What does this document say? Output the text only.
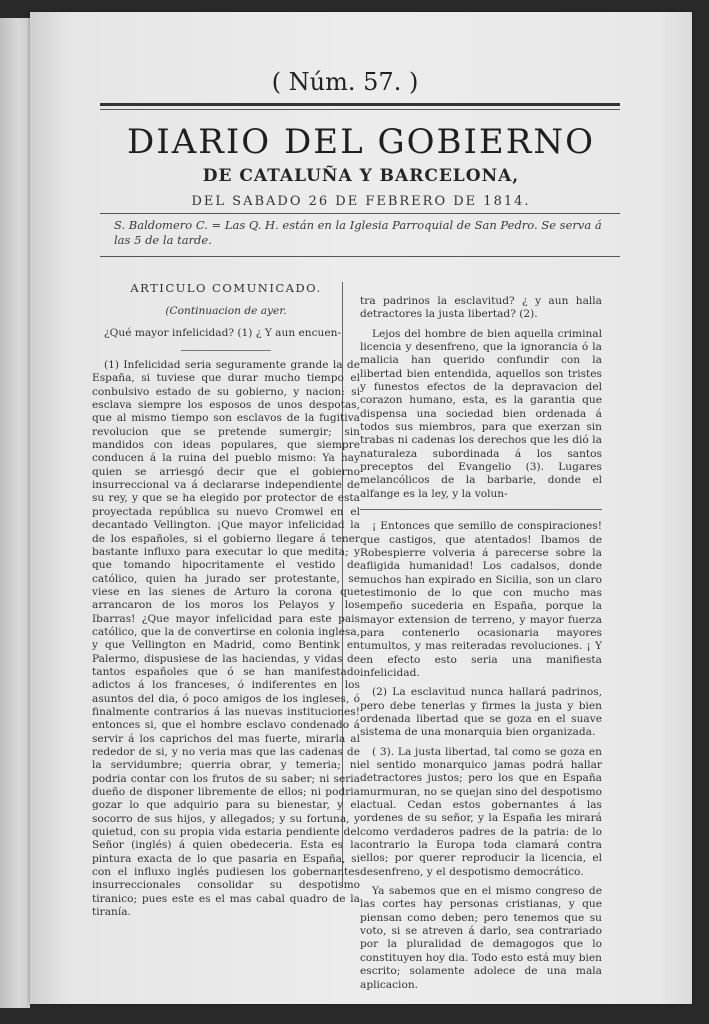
( Núm. 57. )
DIARIO DEL GOBIERNO
DE CATALUÑA Y BARCELONA,
DEL SABADO 26 DE FEBRERO DE 1814.
S. Baldomero C. = Las Q. H. están en la Iglesia Parroquial de San Pedro. Se serva á las 5 de la tarde.
ARTICULO COMUNICADO.
(Continuacion de ayer.

¿Qué mayor infelicidad? (1) ¿ Y aun encuen-

(1) Infelicidad seria seguramente grande la de España, si tuviese que durar mucho tiempo el conbulsivo estado de su gobierno, y nacion: si esclava siempre los esposos de unos despotas, que al mismo tiempo son esclavos de la fugitiva revolucion que se pretende sumergir; sin mandidos con ideas populares, que siempre conducen á la ruina del pueblo mismo: Ya hay quien se arriesgó decir que el gobierno insurreccional va á declararse independiente de su rey, y que se ha elegido por protector de esta proyectada república su nuevo Cromwel en el decantado Vellington. ¡Que mayor infelicidad la de los españoles, si el gobierno llegare á tener bastante influxo para executar lo que medita; y que tomando hipocritamente el vestido de católico, quien ha jurado ser protestante, se viese en las sienes de Arturo la corona que arrancaron de los moros los Pelayos y los Ibarras! ¿Que mayor infelicidad para este pais católico, que la de convertirse en colonia inglesa, y que Vellington en Madrid, como Bentink en Palermo, dispusiese de las haciendas, y vidas de tantos españoles que ó se han manifestado adictos á los franceses, ó indiferentes en los asuntos del dia, ó poco amigos de los ingleses, ó finalmente contrarios á las nuevas instituciones! entonces si, que el hombre esclavo condenado á servir á los caprichos del mas fuerte, mirarla al rededor de si, y no veria mas que las cadenas de la servidumbre; querria obrar, y temeria; ni podria contar con los frutos de su saber; ni seria dueño de disponer libremente de ellos; ni podria gozar lo que adquirio para su bienestar, y el socorro de sus hijos, y allegados; y su fortuna, y quietud, con su propia vida estaria pendiente del Señor (inglés) á quien obedeceria. Esta es la pintura exacta de lo que pasaria en España, si con el influxo inglés pudiesen los gobernantes insurreccionales consolidar su despotismo tiranico; pues este es el mas cabal quadro de la tiranía.

tra padrinos la esclavitud? ¿ y aun halla detractores la justa libertad? (2).

Lejos del hombre de bien aquella criminal licencia y desenfreno, que la ignorancia ó la malicia han querido confundir con la libertad bien entendida, aquellos son tristes y funestos efectos de la depravacion del corazon humano, esta, es la garantia que dispensa una sociedad bien ordenada á todos sus miembros, para que exerzan sin trabas ni cadenas los derechos que les dió la naturaleza subordinada á los santos preceptos del Evangelio (3). Lugares melancólicos de la barbarie, donde el alfange es la ley, y la volun-

¡ Entonces que semillo de conspiraciones! que castigos, que atentados! Ibamos de Robespierre volveria á parecerse sobre la afligida humanidad! Los cadalsos, donde muchos han expirado en Sicilia, son un claro testimonio de lo que con mucho mas empeño sucederia en España, porque la mayor extension de terreno, y mayor fuerza para contenerlo ocasionaria mayores tumultos, y mas reiteradas revoluciones. ¡ Y en efecto esto seria una manifiesta infelicidad.

(2) La esclavitud nunca hallará padrinos, pero debe tenerlas y firmes la justa y bien ordenada libertad que se goza en el suave sistema de una monarquia bien organizada.

( 3). La justa libertad, tal como se goza en el sentido monarquico jamas podrá hallar detractores justos; pero los que en España murmuran, no se quejan sino del despotismo actual. Cedan estos gobernantes á las ordenes de su señor, y la España les mirará como verdaderos padres de la patria: de lo contrario la Europa toda clamará contra ellos; por querer reproducir la licencia, el desenfreno, y el despotismo democrático.

Ya sabemos que en el mismo congreso de las cortes hay personas cristianas, y que piensan como deben; pero tenemos que su voto, si se atreven á darlo, sea contrariado por la pluralidad de demagogos que lo constituyen hoy dia. Todo esto está muy bien escrito; solamente adolece de una mala aplicacion.
